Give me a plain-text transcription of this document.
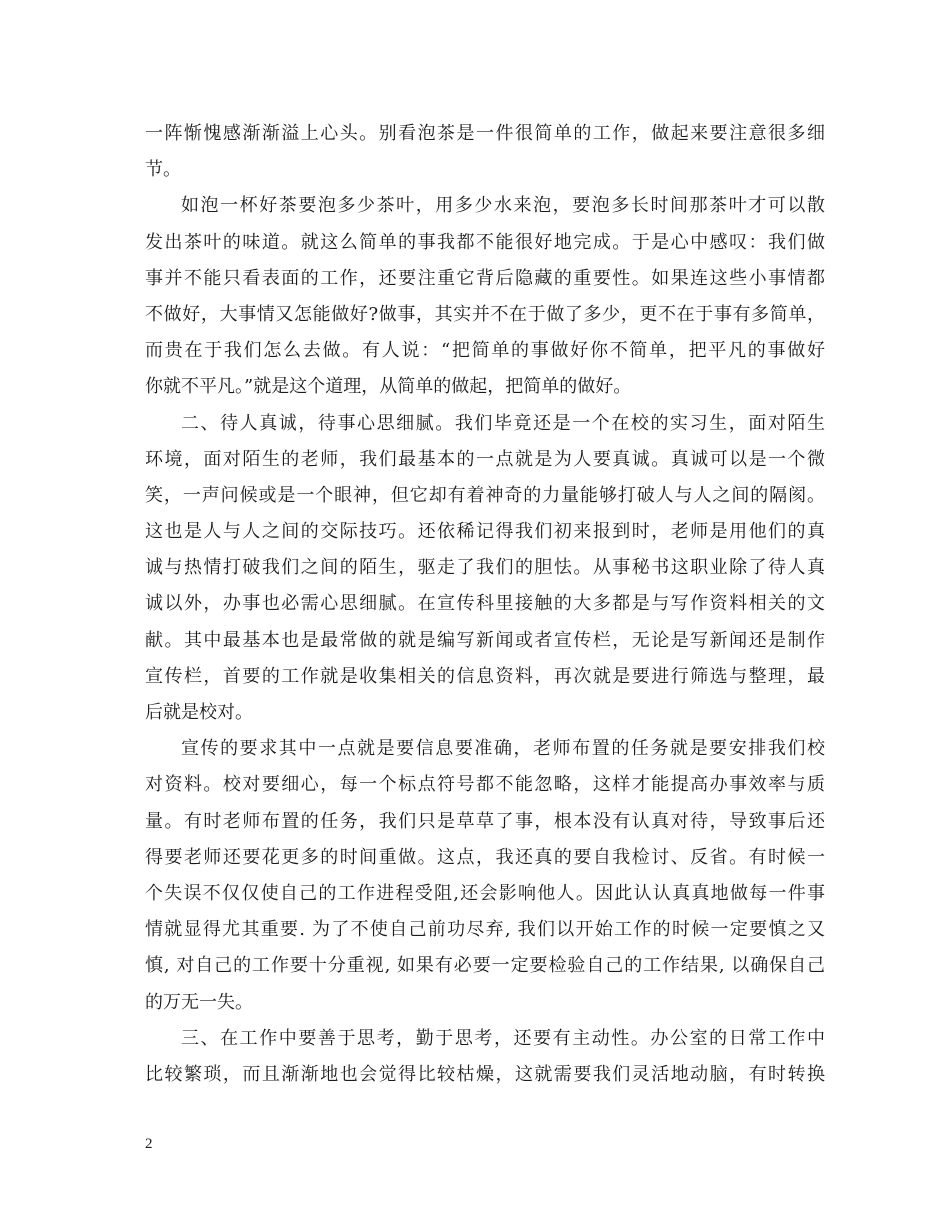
一阵惭愧感渐渐溢上心头。别看泡茶是一件很简单的工作，做起来要注意很多细
节。
如泡一杯好茶要泡多少茶叶，用多少水来泡，要泡多长时间那茶叶才可以散
发出茶叶的味道。就这么简单的事我都不能很好地完成。于是心中感叹：我们做
事并不能只看表面的工作，还要注重它背后隐藏的重要性。如果连这些小事情都
不做好，大事情又怎能做好?做事，其实并不在于做了多少，更不在于事有多简单，
而贵在于我们怎么去做。有人说：“把简单的事做好你不简单，把平凡的事做好
你就不平凡。”就是这个道理，从简单的做起，把简单的做好。
二、待人真诚，待事心思细腻。我们毕竟还是一个在校的实习生，面对陌生
环境，面对陌生的老师，我们最基本的一点就是为人要真诚。真诚可以是一个微
笑，一声问候或是一个眼神，但它却有着神奇的力量能够打破人与人之间的隔阂。
这也是人与人之间的交际技巧。还依稀记得我们初来报到时，老师是用他们的真
诚与热情打破我们之间的陌生，驱走了我们的胆怯。从事秘书这职业除了待人真
诚以外，办事也必需心思细腻。在宣传科里接触的大多都是与写作资料相关的文
献。其中最基本也是最常做的就是编写新闻或者宣传栏，无论是写新闻还是制作
宣传栏，首要的工作就是收集相关的信息资料，再次就是要进行筛选与整理，最
后就是校对。
宣传的要求其中一点就是要信息要准确，老师布置的任务就是要安排我们校
对资料。校对要细心，每一个标点符号都不能忽略，这样才能提高办事效率与质
量。有时老师布置的任务，我们只是草草了事，根本没有认真对待，导致事后还
得要老师还要花更多的时间重做。这点，我还真的要自我检讨、反省。有时候一
个失误不仅仅使自己的工作进程受阻,还会影响他人。因此认认真真地做每一件事
情就显得尤其重要. 为了不使自己前功尽弃, 我们以开始工作的时候一定要慎之又
慎, 对自己的工作要十分重视, 如果有必要一定要检验自己的工作结果, 以确保自己
的万无一失。
三、在工作中要善于思考，勤于思考，还要有主动性。办公室的日常工作中
比较繁琐，而且渐渐地也会觉得比较枯燥，这就需要我们灵活地动脑，有时转换
2
